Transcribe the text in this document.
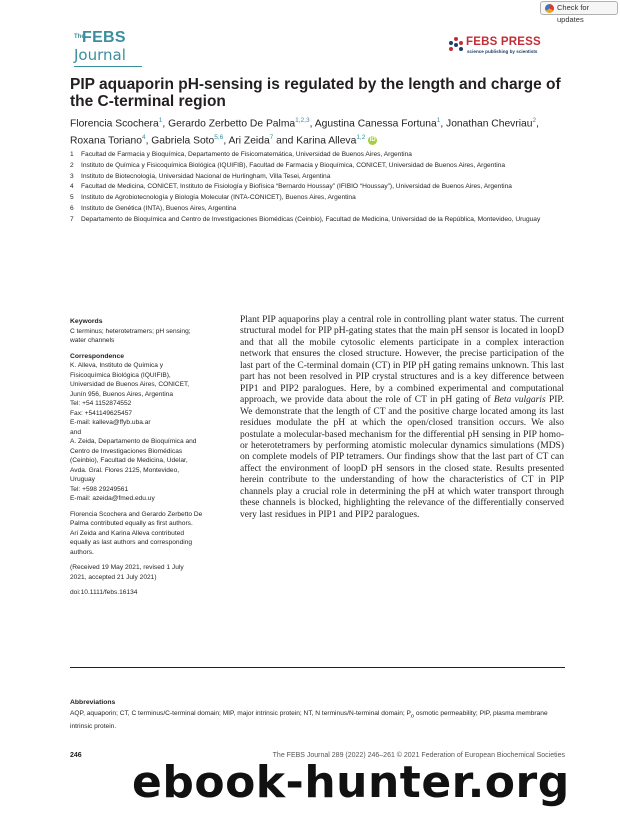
Check for updates
The
FEBS
Journal
FEBS PRESS
science publishing by scientists
PIP aquaporin pH-sensing is regulated by the length and charge of the C-terminal region
Florencia Scochera$^1$, Gerardo Zerbetto De Palma$^{1,2,3}$, Agustina Canessa Fortuna$^1$, Jonathan Chevriau$^2$, Roxana Toriano$^4$, Gabriela Soto$^{5,6}$, Ari Zeida$^7$ and Karina Alleva$^{1,2}$ iD
1	Facultad de Farmacia y Bioquímica, Departamento de Fisicomatemática, Universidad de Buenos Aires, Argentina
2	Instituto de Química y Fisicoquímica Biológica (IQUIFIB), Facultad de Farmacia y Bioquímica, CONICET, Universidad de Buenos Aires, Argentina
3	Instituto de Biotecnología, Universidad Nacional de Hurlingham, Villa Tesei, Argentina
4	Facultad de Medicina, CONICET, Instituto de Fisiología y Biofísica “Bernardo Houssay” (IFIBIO “Houssay”), Universidad de Buenos Aires, Argentina
5	Instituto de Agrobiotecnología y Biología Molecular (INTA-CONICET), Buenos Aires, Argentina
6	Instituto de Genética (INTA), Buenos Aires, Argentina
7	Departamento de Bioquímica and Centro de Investigaciones Biomédicas (Ceinbio), Facultad de Medicina, Universidad de la República, Montevideo, Uruguay
Keywords
C terminus; heterotetramers; pH sensing;
water channels
Correspondence
K. Alleva, Instituto de Química y
Fisicoquímica Biológica (IQUIFIB),
Universidad de Buenos Aires, CONICET,
Junín 956, Buenos Aires, Argentina
Tel: +54 1152874552
Fax: +541149625457
E-mail: kalleva@ffyb.uba.ar
and
A. Zeida, Departamento de Bioquímica and
Centro de Investigaciones Biomédicas
(Ceinbio), Facultad de Medicina, Udelar,
Avda. Gral. Flores 2125, Montevideo,
Uruguay
Tel: +598 29249561
E-mail: azeida@fmed.edu.uy
Florencia Scochera and Gerardo Zerbetto De
Palma contributed equally as first authors.
Ari Zeida and Karina Alleva contributed
equally as last authors and corresponding
authors.
(Received 19 May 2021, revised 1 July
2021, accepted 21 July 2021)
doi:10.1111/febs.16134
Plant PIP aquaporins play a central role in controlling plant water status. The current structural model for PIP pH-gating states that the main pH sensor is located in loopD and that all the mobile cytosolic elements participate in a complex interaction network that ensures the closed structure. However, the precise participation of the last part of the C-terminal domain (CT) in PIP pH gating remains unknown. This last part has not been resolved in PIP crystal structures and is a key difference between PIP1 and PIP2 paralogues. Here, by a combined experimental and computational approach, we provide data about the role of CT in pH gating of Beta vulgaris PIP. We demonstrate that the length of CT and the positive charge located among its last residues modulate the pH at which the open/closed transition occurs. We also postulate a molecular-based mechanism for the differential pH sensing in PIP homo- or heterotetramers by performing atomistic molecular dynamics simulations (MDS) on complete models of PIP tetramers. Our findings show that the last part of CT can affect the environment of loopD pH sensors in the closed state. Results presented herein contribute to the understanding of how the characteristics of CT in PIP channels play a crucial role in determining the pH at which water transport through these channels is blocked, highlighting the relevance of the differentially conserved very last residues in PIP1 and PIP2 paralogues.
Abbreviations
AQP, aquaporin; CT, C terminus/C-terminal domain; MIP, major intrinsic protein; NT, N terminus/N-terminal domain; $P_o$ osmotic permeability; PIP, plasma membrane intrinsic protein.
246	The FEBS Journal 289 (2022) 246–261 © 2021 Federation of European Biochemical Societies
ebook-hunter.org
